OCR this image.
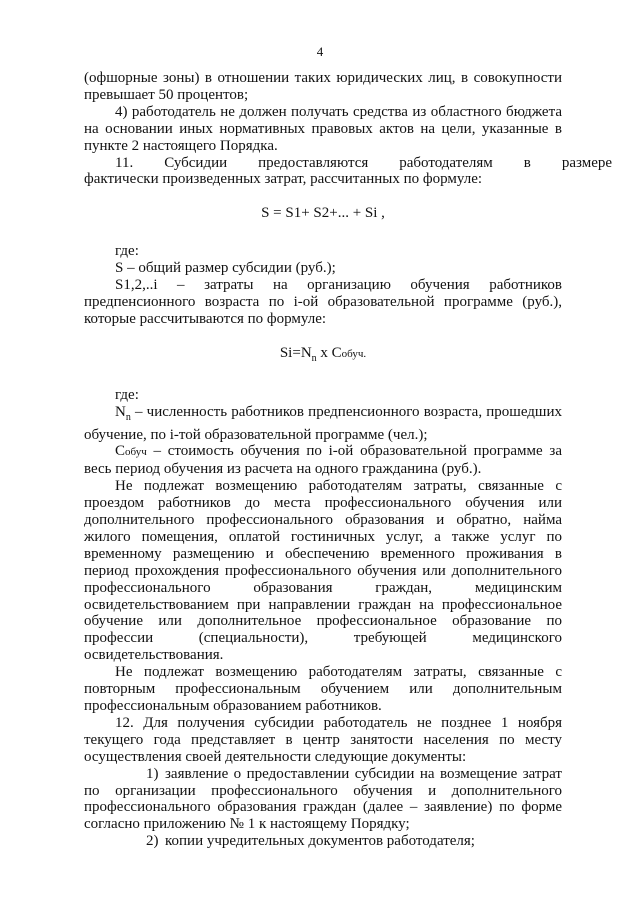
4

(офшорные зоны) в отношении таких юридических лиц, в совокупности превышает 50 процентов;

4) работодатель не должен получать средства из областного бюджета на основании иных нормативных правовых актов на цели, указанные в пункте 2 настоящего Порядка.

11.	Субсидии	предоставляются	работодателям	в	размере

фактически произведенных затрат, рассчитанных по формуле:

S = S1+ S2+... + Si ,

где:

S – общий размер субсидии (руб.);

S1,2,..i – затраты на организацию обучения работников предпенсионного возраста по i-ой образовательной программе (руб.), которые рассчитываются по формуле:

$Si=N_n$ х Собуч.

где:

$N_n$ – численность работников предпенсионного возраста, прошедших обучение, по i-той образовательной программе (чел.);

Собуч – стоимость обучения по i-ой образовательной программе за весь период обучения из расчета на одного гражданина (руб.).

Не подлежат возмещению работодателям затраты, связанные с проездом работников до места профессионального обучения или дополнительного профессионального образования и обратно, найма жилого помещения, оплатой гостиничных услуг, а также услуг по временному размещению и обеспечению временного проживания в период прохождения профессионального обучения или дополнительного профессионального образования граждан, медицинским освидетельствованием при направлении граждан на профессиональное обучение или дополнительное профессиональное образование по профессии (специальности), требующей медицинского освидетельствования.

Не подлежат возмещению работодателям затраты, связанные с повторным профессиональным обучением или дополнительным профессиональным образованием работников.

12. Для получения субсидии работодатель не позднее 1 ноября текущего года представляет в центр занятости населения по месту осуществления своей деятельности следующие документы:

1) заявление о предоставлении субсидии на возмещение затрат по организации профессионального обучения и дополнительного профессионального образования граждан (далее – заявление) по форме согласно приложению № 1 к настоящему Порядку;

2) копии учредительных документов работодателя;
